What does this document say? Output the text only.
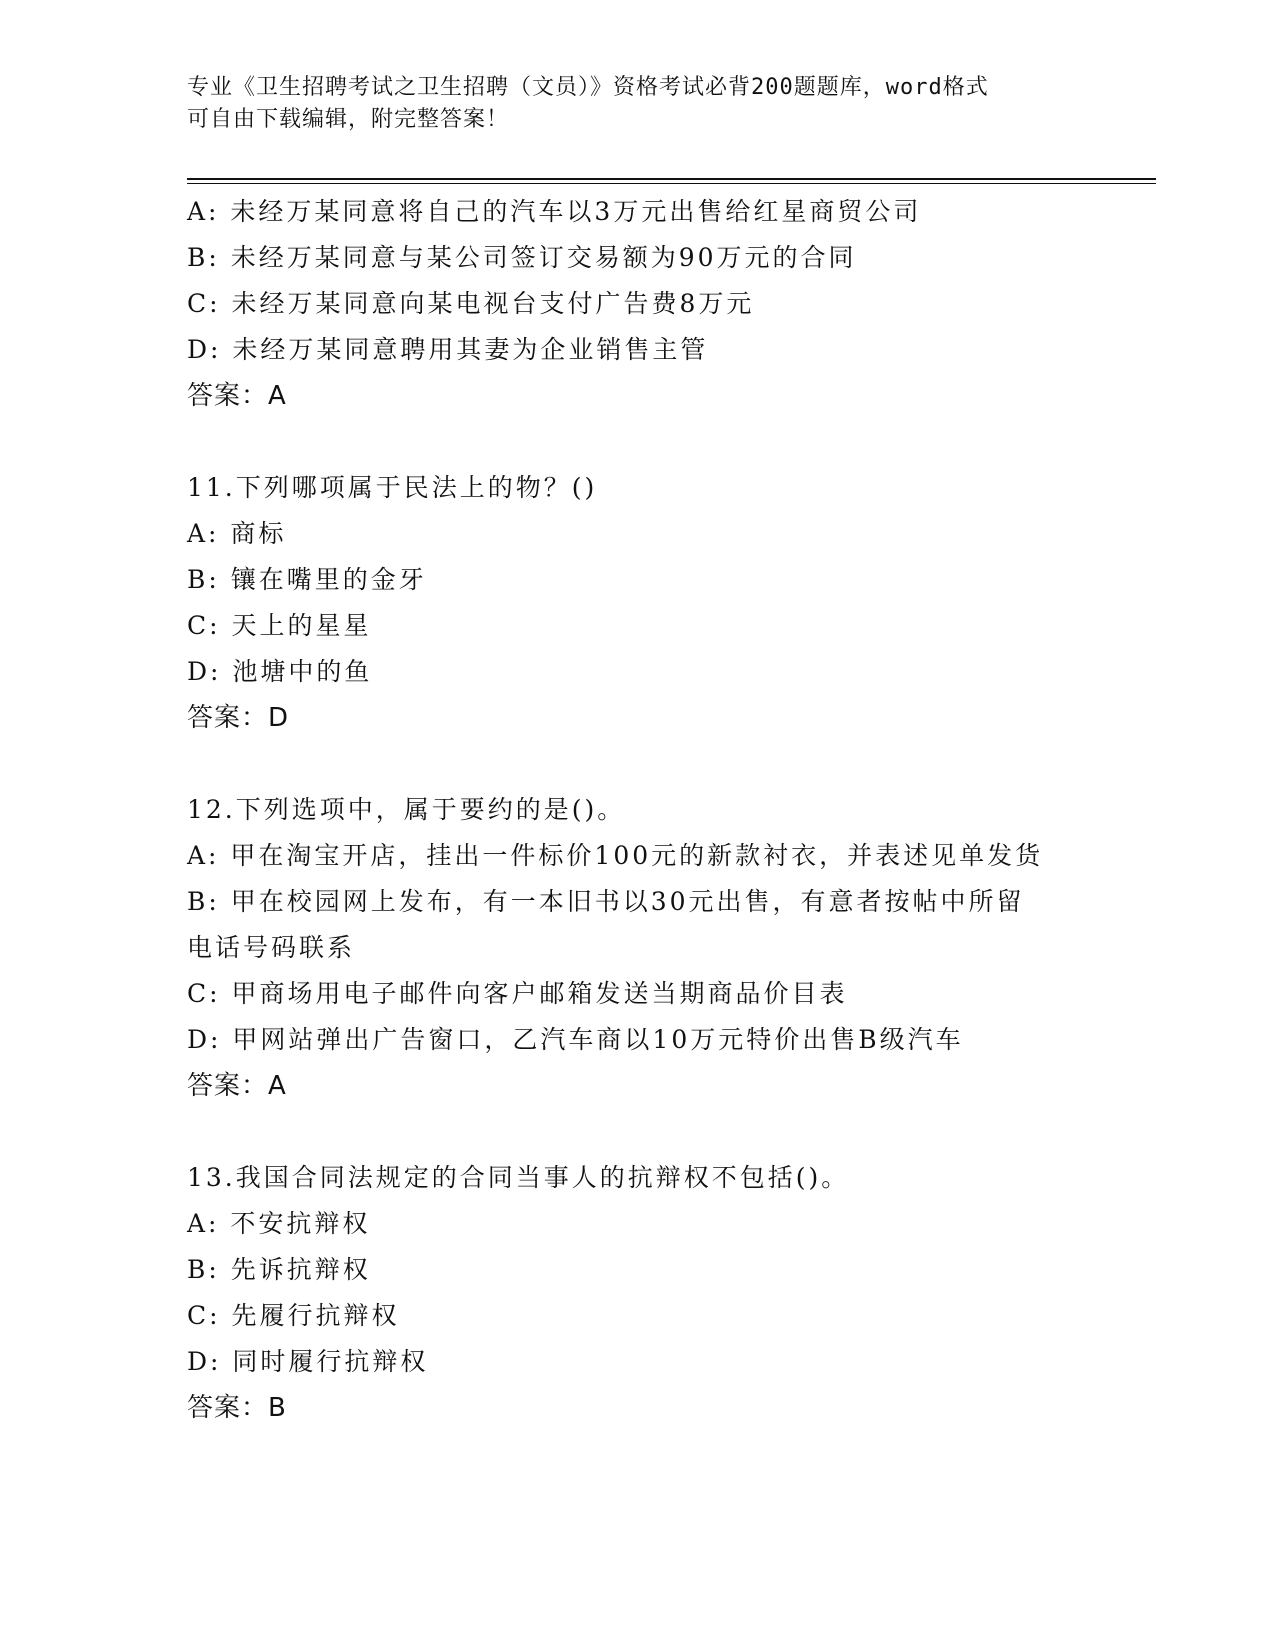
专业《卫生招聘考试之卫生招聘（文员）》资格考试必背200题题库，word格式
可自由下载编辑，附完整答案！
A: 未经万某同意将自己的汽车以3万元出售给红星商贸公司
B: 未经万某同意与某公司签订交易额为90万元的合同
C: 未经万某同意向某电视台支付广告费8万元
D: 未经万某同意聘用其妻为企业销售主管
答案：A
11.下列哪项属于民法上的物？()
A: 商标
B: 镶在嘴里的金牙
C: 天上的星星
D: 池塘中的鱼
答案：D
12.下列选项中，属于要约的是()。
A: 甲在淘宝开店，挂出一件标价100元的新款衬衣，并表述见单发货
B: 甲在校园网上发布，有一本旧书以30元出售，有意者按帖中所留
电话号码联系
C: 甲商场用电子邮件向客户邮箱发送当期商品价目表
D: 甲网站弹出广告窗口，乙汽车商以10万元特价出售B级汽车
答案：A
13.我国合同法规定的合同当事人的抗辩权不包括()。
A: 不安抗辩权
B: 先诉抗辩权
C: 先履行抗辩权
D: 同时履行抗辩权
答案：B
